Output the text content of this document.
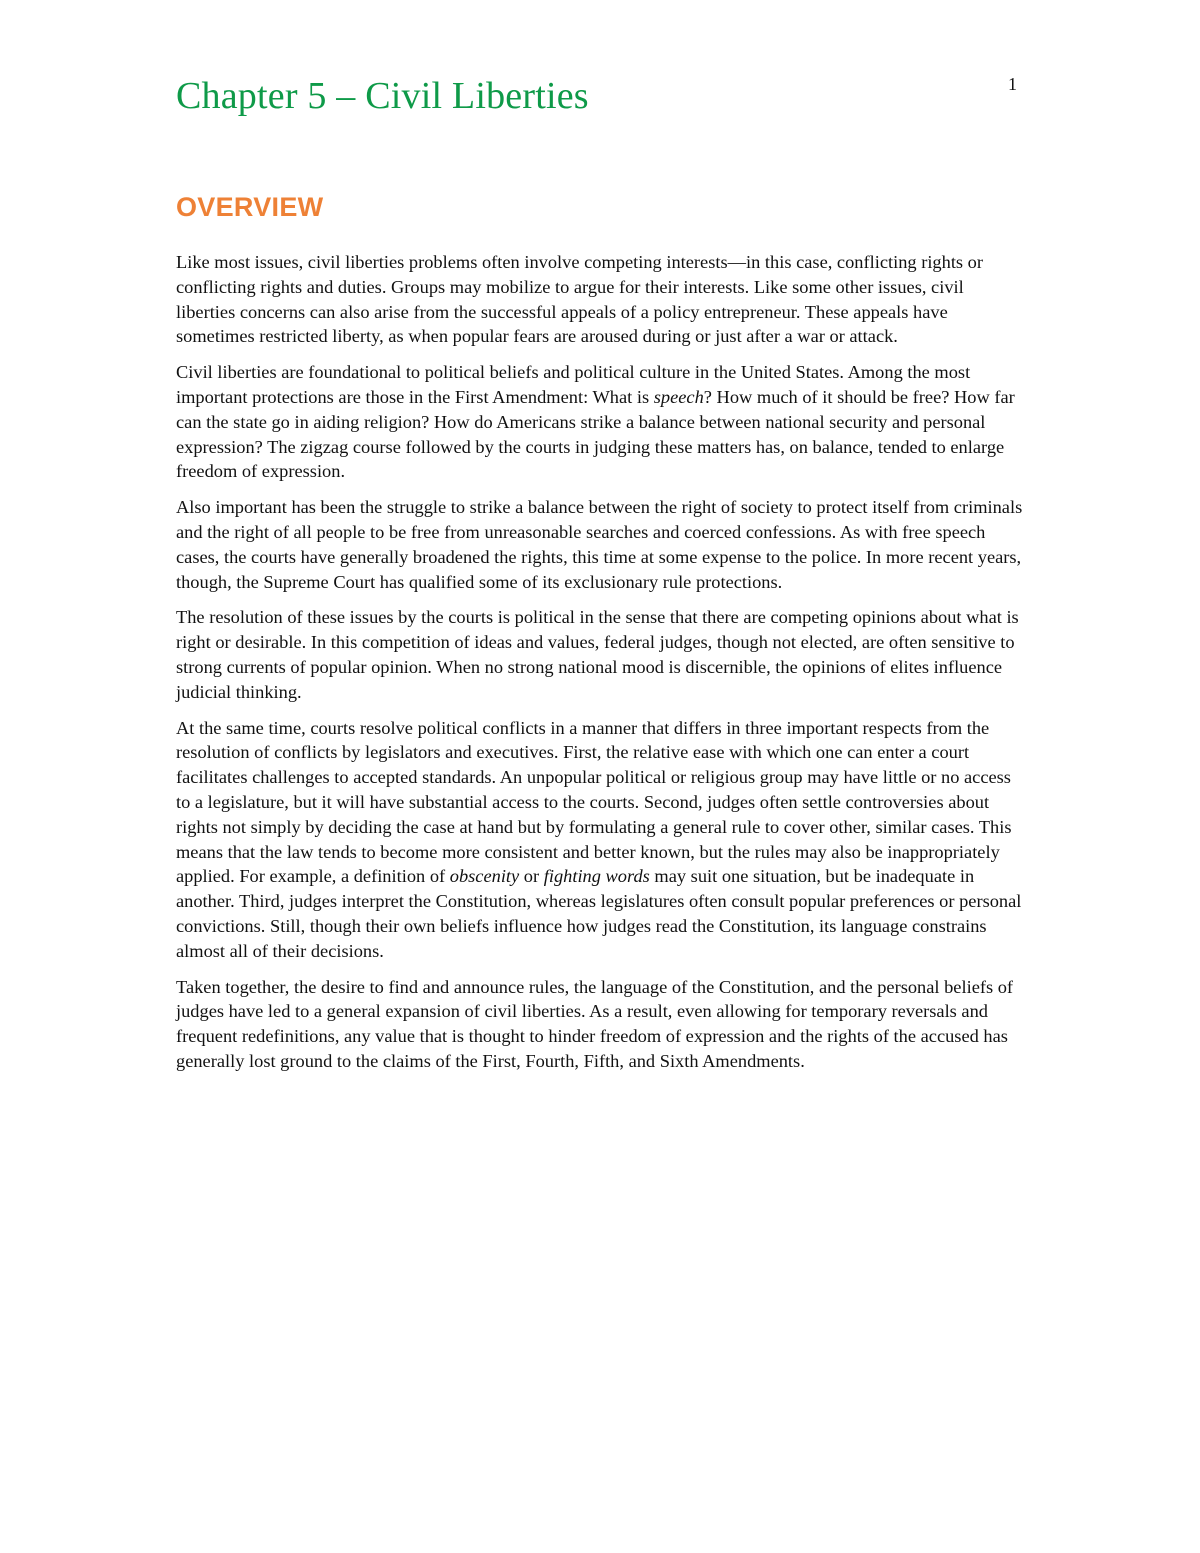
1
Chapter 5 – Civil Liberties
OVERVIEW

Like most issues, civil liberties problems often involve competing interests—in this case, conflicting rights or conflicting rights and duties. Groups may mobilize to argue for their interests. Like some other issues, civil liberties concerns can also arise from the successful appeals of a policy entrepreneur. These appeals have sometimes restricted liberty, as when popular fears are aroused during or just after a war or attack.

Civil liberties are foundational to political beliefs and political culture in the United States. Among the most important protections are those in the First Amendment: What is speech? How much of it should be free? How far can the state go in aiding religion? How do Americans strike a balance between national security and personal expression? The zigzag course followed by the courts in judging these matters has, on balance, tended to enlarge freedom of expression.

Also important has been the struggle to strike a balance between the right of society to protect itself from criminals and the right of all people to be free from unreasonable searches and coerced confessions. As with free speech cases, the courts have generally broadened the rights, this time at some expense to the police. In more recent years, though, the Supreme Court has qualified some of its exclusionary rule protections.

The resolution of these issues by the courts is political in the sense that there are competing opinions about what is right or desirable. In this competition of ideas and values, federal judges, though not elected, are often sensitive to strong currents of popular opinion. When no strong national mood is discernible, the opinions of elites influence judicial thinking.

At the same time, courts resolve political conflicts in a manner that differs in three important respects from the resolution of conflicts by legislators and executives. First, the relative ease with which one can enter a court facilitates challenges to accepted standards. An unpopular political or religious group may have little or no access to a legislature, but it will have substantial access to the courts. Second, judges often settle controversies about rights not simply by deciding the case at hand but by formulating a general rule to cover other, similar cases. This means that the law tends to become more consistent and better known, but the rules may also be inappropriately applied. For example, a definition of obscenity or fighting words may suit one situation, but be inadequate in another. Third, judges interpret the Constitution, whereas legislatures often consult popular preferences or personal convictions. Still, though their own beliefs influence how judges read the Constitution, its language constrains almost all of their decisions.

Taken together, the desire to find and announce rules, the language of the Constitution, and the personal beliefs of judges have led to a general expansion of civil liberties. As a result, even allowing for temporary reversals and frequent redefinitions, any value that is thought to hinder freedom of expression and the rights of the accused has generally lost ground to the claims of the First, Fourth, Fifth, and Sixth Amendments.
